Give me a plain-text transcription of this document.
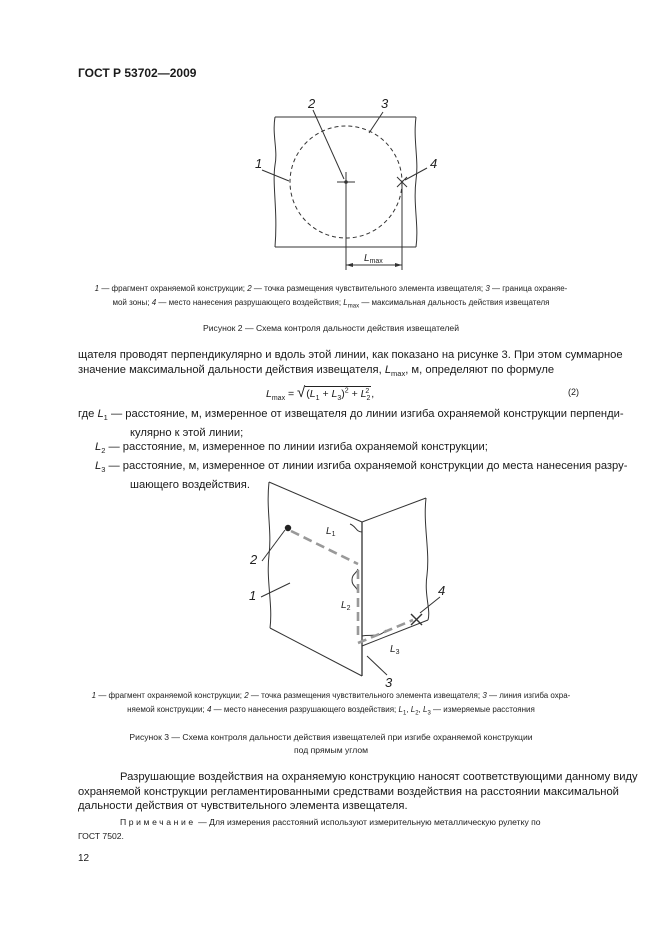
ГОСТ Р 53702—2009
2	3
4
1
$L_{max}$
1 — фрагмент охраняемой конструкции; 2 — точка размещения чувствительного элемента извещателя; 3 — граница охраняе-
мой зоны; 4 — место нанесения разрушающего воздействия; $L_{max}$ — максимальная дальность действия извещателя
Рисунок 2 — Схема контроля дальности действия извещателей
щателя проводят перпендикулярно и вдоль этой линии, как показано на рисунке 3. При этом суммарное
значение максимальной дальности действия извещателя, $L_{max}$, м, определяют по формуле
$L_{max} = √(L_1 + L_3)^2 + L_2^2$ ,	(2)
где $L_1$ — расстояние, м, измеренное от извещателя до линии изгиба охраняемой конструкции перпенди-
кулярно к этой линии;
$L_2$ — расстояние, м, измеренное по линии изгиба охраняемой конструкции;
$L_3$ — расстояние, м, измеренное от линии изгиба охраняемой конструкции до места нанесения разру-
шающего воздействия.
2
1	4
3
$L_1$
$L_2$
$L_3$
1 — фрагмент охраняемой конструкции; 2 — точка размещения чувствительного элемента извещателя; 3 — линия изгиба охра-
няемой конструкции; 4 — место нанесения разрушающего воздействия; $L_1$, $L_2$, $L_3$ — измеряемые расстояния
Рисунок 3 — Схема контроля дальности действия извещателей при изгибе охраняемой конструкции
под прямым углом
Разрушающие воздействия на охраняемую конструкцию наносят соответствующими данному виду
охраняемой конструкции регламентированными средствами воздействия на расстоянии максимальной
дальности действия от чувствительного элемента извещателя.
Примечание — Для измерения расстояний используют измерительную металлическую рулетку по
ГОСТ 7502.
12
